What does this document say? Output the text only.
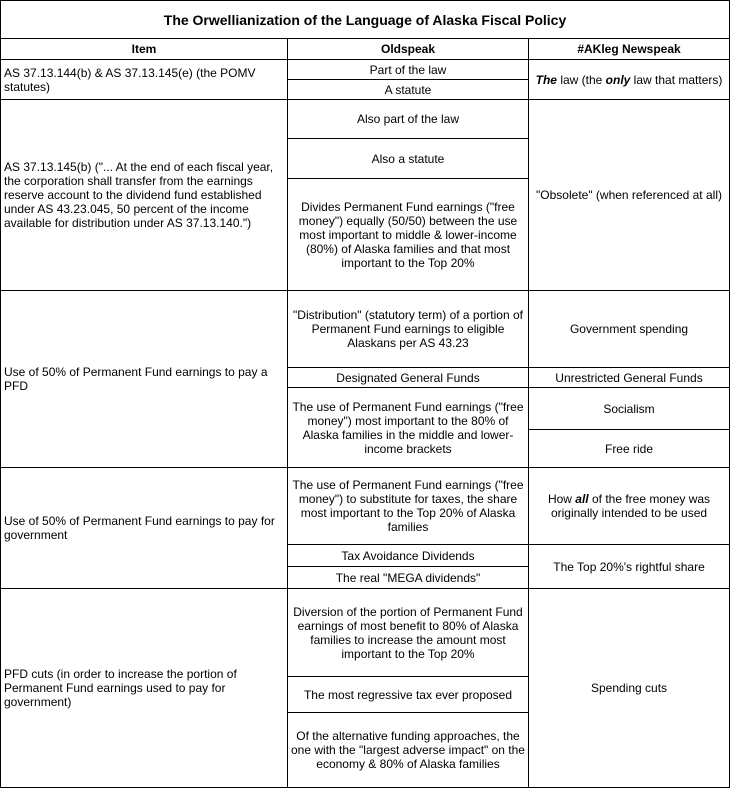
The Orwellianization of the Language of Alaska Fiscal Policy		
Item	Oldspeak	#AKleg Newspeak
AS 37.13.144(b) & AS 37.13.145(e) (the POMV statutes)	Part of the law	The law (the only law that matters)
	A statute	
AS 37.13.145(b) ("... At the end of each fiscal year, the corporation shall transfer from the earnings reserve account to the dividend fund established under AS 43.23.045, 50 percent of the income available for distribution under AS 37.13.140.")	Also part of the law	"Obsolete" (when referenced at all)
	Also a statute	
	Divides Permanent Fund earnings ("free money") equally (50/50) between the use most important to middle & lower-income (80%) of Alaska families and that most important to the Top 20%	
Use of 50% of Permanent Fund earnings to pay a PFD	"Distribution" (statutory term) of a portion of Permanent Fund earnings to eligible Alaskans per AS 43.23	Government spending
	Designated General Funds	Unrestricted General Funds
	The use of Permanent Fund earnings ("free money") most important to the 80% of Alaska families in the middle and lower-income brackets	Socialism
		Free ride
Use of 50% of Permanent Fund earnings to pay for government	The use of Permanent Fund earnings ("free money") to substitute for taxes, the share most important to the Top 20% of Alaska families	How all of the free money was originally intended to be used
	Tax Avoidance Dividends	The Top 20%'s rightful share
	The real "MEGA dividends"	
PFD cuts (in order to increase the portion of Permanent Fund earnings used to pay for government)	Diversion of the portion of Permanent Fund earnings of most benefit to 80% of Alaska families to increase the amount most important to the Top 20%	Spending cuts
	The most regressive tax ever proposed	
	Of the alternative funding approaches, the one with the "largest adverse impact" on the economy & 80% of Alaska families	
